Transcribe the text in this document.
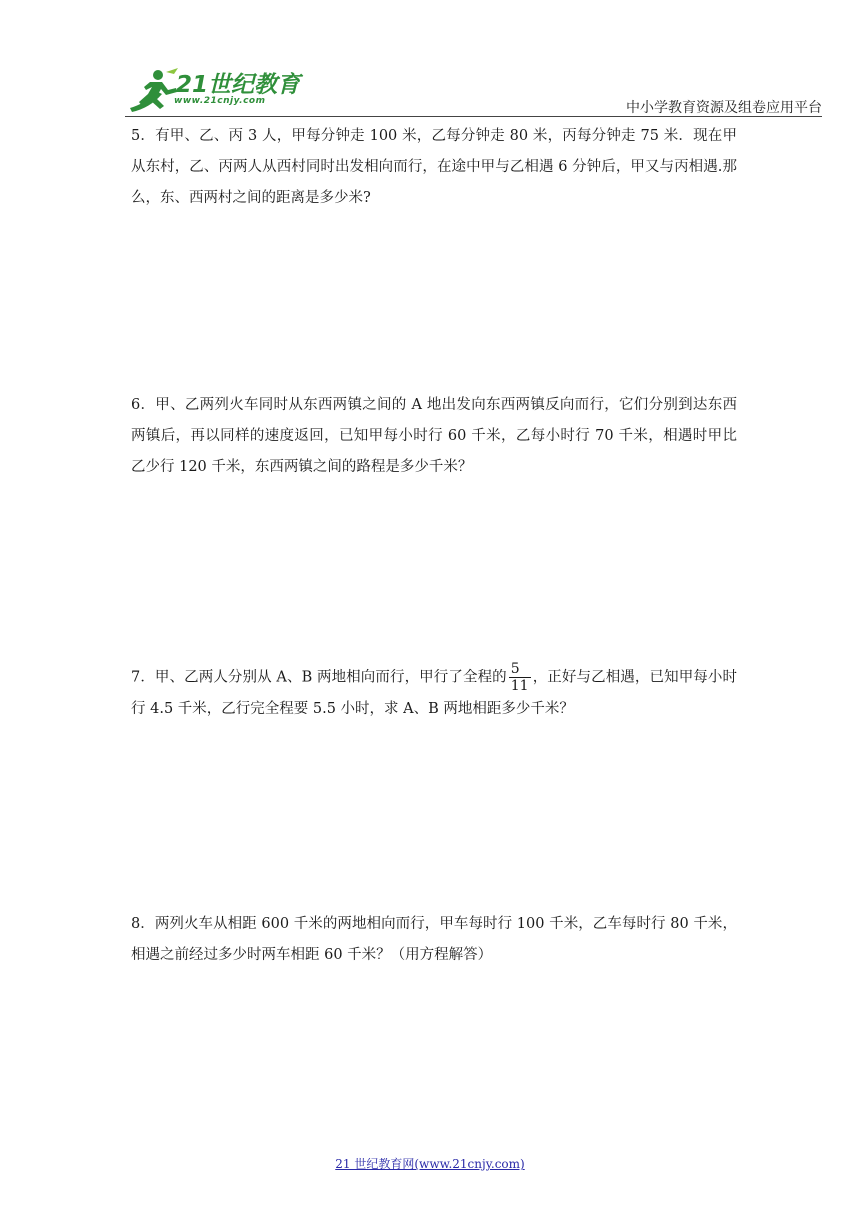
21世纪教育
www.21cnjy.com	中小学教育资源及组卷应用平台
5．有甲、乙、丙 3 人，甲每分钟走 100 米，乙每分钟走 80 米，丙每分钟走 75 米．现在甲从东村，乙、丙两人从西村同时出发相向而行，在途中甲与乙相遇 6 分钟后，甲又与丙相遇.那么，东、西两村之间的距离是多少米?
6．甲、乙两列火车同时从东西两镇之间的 A 地出发向东西两镇反向而行，它们分别到达东西两镇后，再以同样的速度返回，已知甲每小时行 60 千米，乙每小时行 70 千米，相遇时甲比乙少行 120 千米，东西两镇之间的路程是多少千米？
7．甲、乙两人分别从 A、B 两地相向而行，甲行了全程的 $\frac{5}{11}$ ，正好与乙相遇，已知甲每小时行 4.5 千米，乙行完全程要 5.5 小时，求 A、B 两地相距多少千米？
8．两列火车从相距 600 千米的两地相向而行，甲车每时行 100 千米，乙车每时行 80 千米，相遇之前经过多少时两车相距 60 千米？（用方程解答）
21 世纪教育网(www.21cnjy.com)
